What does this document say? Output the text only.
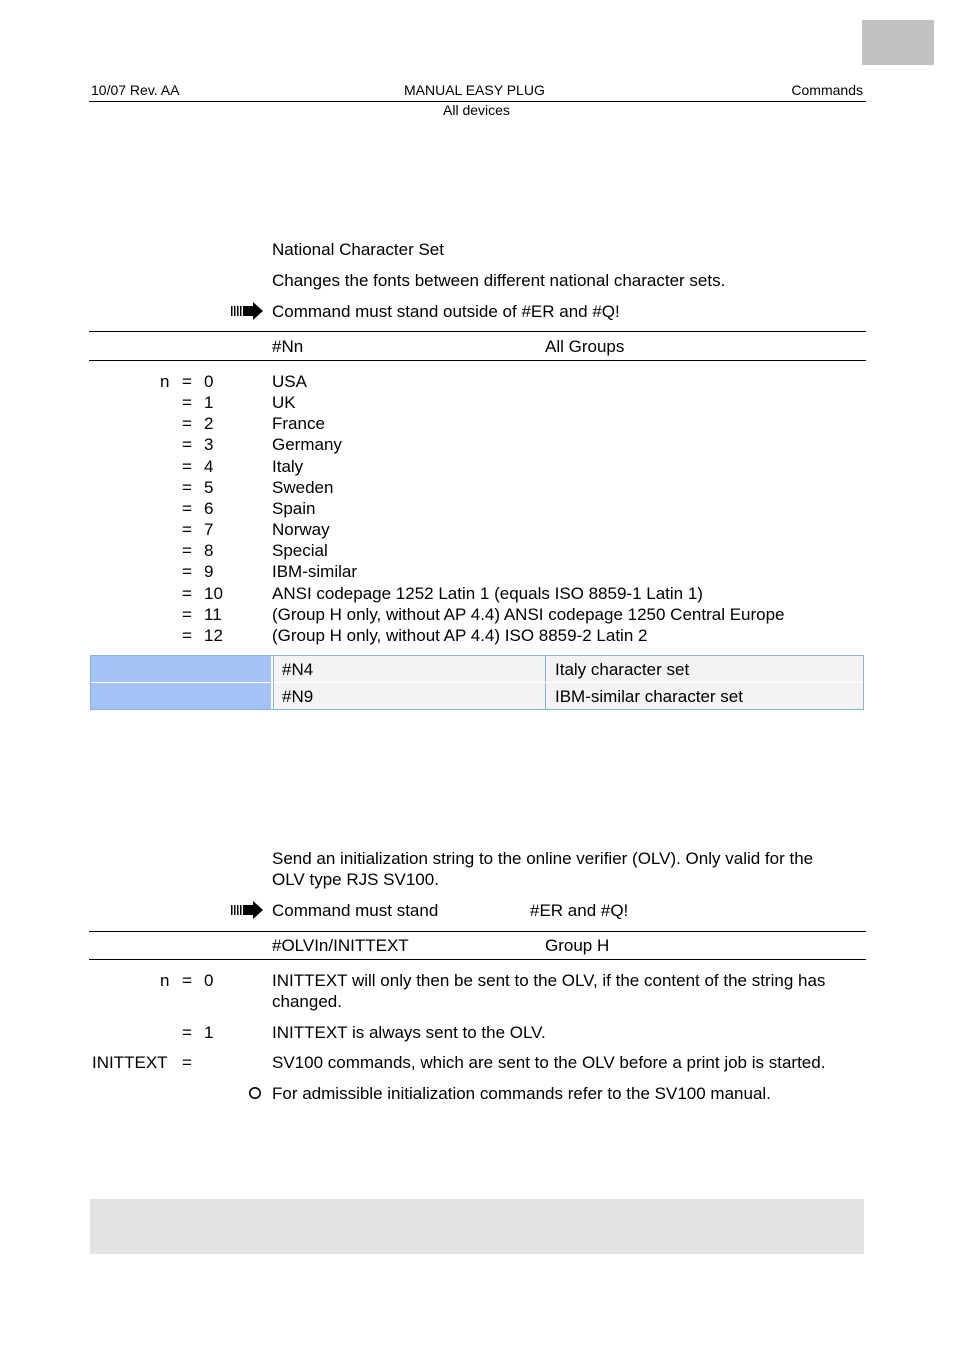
10/07 Rev. AA	MANUAL EASY PLUG	Commands
All devices
National Character Set
Changes the fonts between different national character sets.
Command must stand outside of #ER and #Q!
#Nn	All Groups
n = 0	USA
= 1	UK
= 2	France
= 3	Germany
= 4	Italy
= 5	Sweden
= 6	Spain
= 7	Norway
= 8	Special
= 9	IBM-similar
= 10	ANSI codepage 1252 Latin 1 (equals ISO 8859-1 Latin 1)
= 11	(Group H only, without AP 4.4) ANSI codepage 1250 Central Europe
= 12	(Group H only, without AP 4.4) ISO 8859-2 Latin 2
#N4	Italy character set
#N9	IBM-similar character set
Send an initialization string to the online verifier (OLV). Only valid for the
OLV type RJS SV100.
Command must stand	#ER and #Q!
#OLVIn/INITTEXT	Group H
n = 0	INITTEXT will only then be sent to the OLV, if the content of the string has
changed.
= 1	INITTEXT is always sent to the OLV.
INITTEXT =	SV100 commands, which are sent to the OLV before a print job is started.
For admissible initialization commands refer to the SV100 manual.
